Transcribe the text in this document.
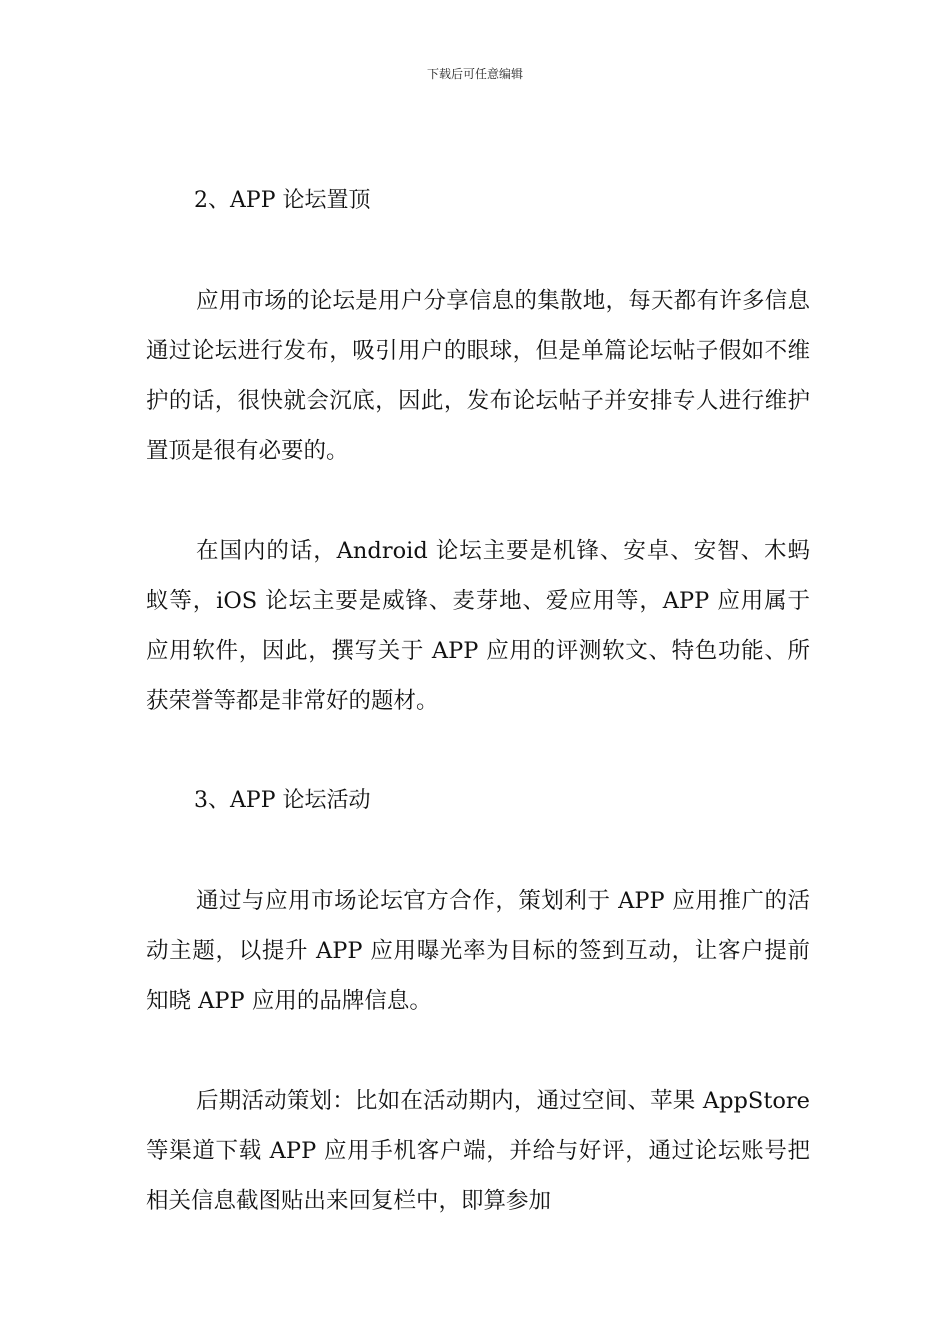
下载后可任意编辑
2、APP 论坛置顶

应用市场的论坛是用户分享信息的集散地，每天都有许多信息通过论坛进行发布，吸引用户的眼球，但是单篇论坛帖子假如不维护的话，很快就会沉底，因此，发布论坛帖子并安排专人进行维护置顶是很有必要的。

在国内的话，Android 论坛主要是机锋、安卓、安智、木蚂蚁等，iOS 论坛主要是威锋、麦芽地、爱应用等，APP 应用属于应用软件，因此，撰写关于 APP 应用的评测软文、特色功能、所获荣誉等都是非常好的题材。

3、APP 论坛活动

通过与应用市场论坛官方合作，策划利于 APP 应用推广的活动主题，以提升 APP 应用曝光率为目标的签到互动，让客户提前知晓 APP 应用的品牌信息。

后期活动策划：比如在活动期内，通过空间、苹果 AppStore 等渠道下载 APP 应用手机客户端，并给与好评，通过论坛账号把相关信息截图贴出来回复栏中，即算参加
